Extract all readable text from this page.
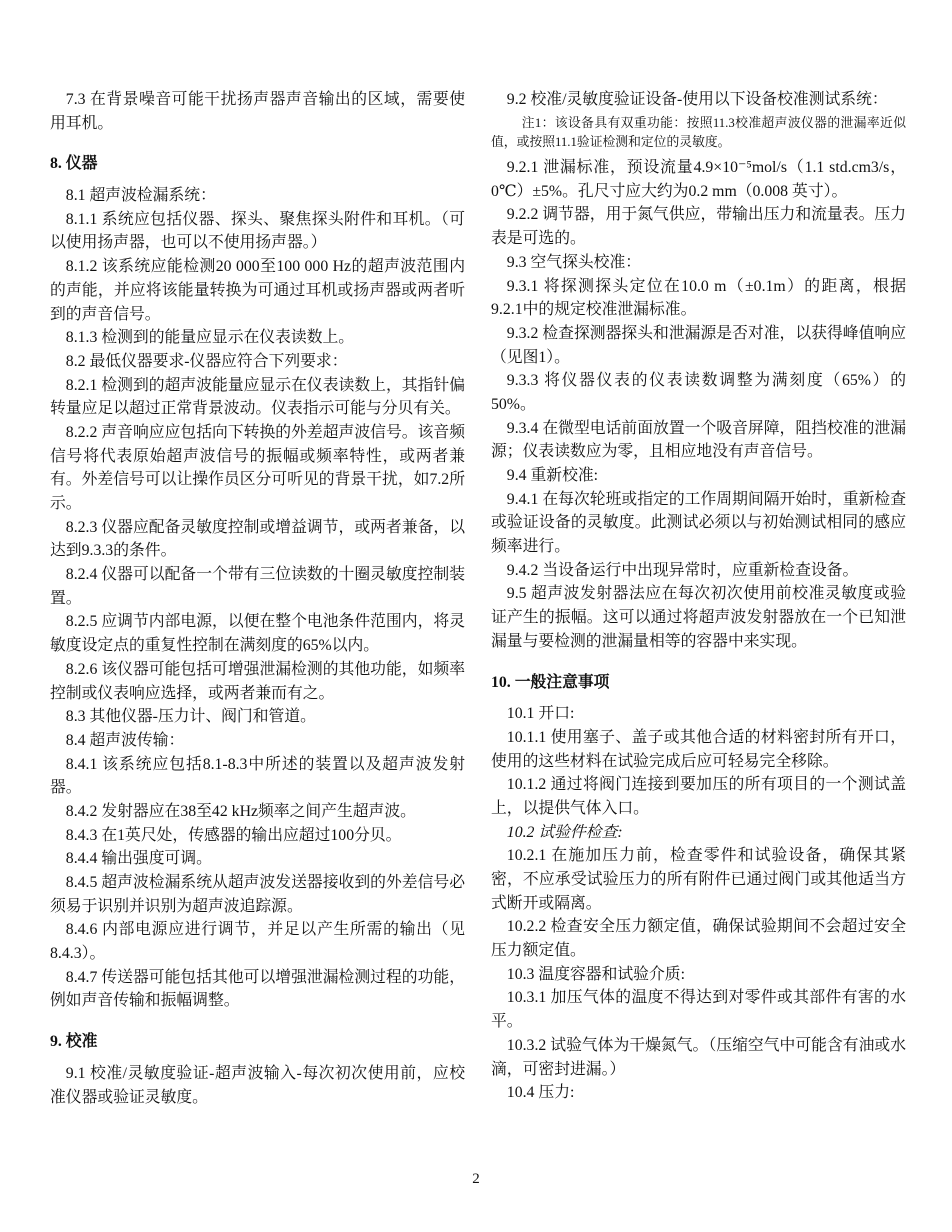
7.3 在背景噪音可能干扰扬声器声音输出的区域，需要使用耳机。

8. 仪器

8.1 超声波检漏系统：

8.1.1 系统应包括仪器、探头、聚焦探头附件和耳机。（可以使用扬声器，也可以不使用扬声器。）

8.1.2 该系统应能检测20 000至100 000 Hz的超声波范围内的声能，并应将该能量转换为可通过耳机或扬声器或两者听到的声音信号。

8.1.3 检测到的能量应显示在仪表读数上。

8.2 最低仪器要求-仪器应符合下列要求：

8.2.1 检测到的超声波能量应显示在仪表读数上，其指针偏转量应足以超过正常背景波动。仪表指示可能与分贝有关。

8.2.2 声音响应应包括向下转换的外差超声波信号。该音频信号将代表原始超声波信号的振幅或频率特性，或两者兼有。外差信号可以让操作员区分可听见的背景干扰，如7.2所示。

8.2.3 仪器应配备灵敏度控制或增益调节，或两者兼备，以达到9.3.3的条件。

8.2.4 仪器可以配备一个带有三位读数的十圈灵敏度控制装置。

8.2.5 应调节内部电源，以便在整个电池条件范围内，将灵敏度设定点的重复性控制在满刻度的65%以内。

8.2.6 该仪器可能包括可增强泄漏检测的其他功能，如频率控制或仪表响应选择，或两者兼而有之。

8.3 其他仪器-压力计、阀门和管道。

8.4 超声波传输：

8.4.1 该系统应包括8.1-8.3中所述的装置以及超声波发射器。

8.4.2 发射器应在38至42 kHz频率之间产生超声波。

8.4.3 在1英尺处，传感器的输出应超过100分贝。

8.4.4 输出强度可调。

8.4.5 超声波检漏系统从超声波发送器接收到的外差信号必须易于识别并识别为超声波追踪源。

8.4.6 内部电源应进行调节，并足以产生所需的输出（见8.4.3）。

8.4.7 传送器可能包括其他可以增强泄漏检测过程的功能，例如声音传输和振幅调整。

9. 校准

9.1 校准/灵敏度验证-超声波输入-每次初次使用前，应校准仪器或验证灵敏度。

9.2 校准/灵敏度验证设备-使用以下设备校准测试系统：

注1：该设备具有双重功能：按照11.3校准超声波仪器的泄漏率近似值，或按照11.1验证检测和定位的灵敏度。

9.2.1 泄漏标准，预设流量4.9×10⁻⁵mol/s（1.1 std.cm3/s，0℃）±5%。孔尺寸应大约为0.2 mm（0.008 英寸）。

9.2.2 调节器，用于氮气供应，带输出压力和流量表。压力表是可选的。

9.3 空气探头校准：

9.3.1 将探测探头定位在10.0 m（±0.1m）的距离，根据9.2.1中的规定校准泄漏标准。

9.3.2 检查探测器探头和泄漏源是否对准，以获得峰值响应（见图1）。

9.3.3 将仪器仪表的仪表读数调整为满刻度（65%）的50%。

9.3.4 在微型电话前面放置一个吸音屏障，阻挡校准的泄漏源；仪表读数应为零，且相应地没有声音信号。

9.4 重新校准:

9.4.1 在每次轮班或指定的工作周期间隔开始时，重新检查或验证设备的灵敏度。此测试必须以与初始测试相同的感应频率进行。

9.4.2 当设备运行中出现异常时，应重新检查设备。

9.5 超声波发射器法应在每次初次使用前校准灵敏度或验证产生的振幅。这可以通过将超声波发射器放在一个已知泄漏量与要检测的泄漏量相等的容器中来实现。

10. 一般注意事项

10.1 开口:

10.1.1 使用塞子、盖子或其他合适的材料密封所有开口，使用的这些材料在试验完成后应可轻易完全移除。

10.1.2 通过将阀门连接到要加压的所有项目的一个测试盖上，以提供气体入口。

10.2 试验件检查:

10.2.1 在施加压力前，检查零件和试验设备，确保其紧密，不应承受试验压力的所有附件已通过阀门或其他适当方式断开或隔离。

10.2.2 检查安全压力额定值，确保试验期间不会超过安全压力额定值。

10.3 温度容器和试验介质:

10.3.1 加压气体的温度不得达到对零件或其部件有害的水平。

10.3.2 试验气体为干燥氮气。（压缩空气中可能含有油或水滴，可密封进漏。）

10.4 压力:

2
